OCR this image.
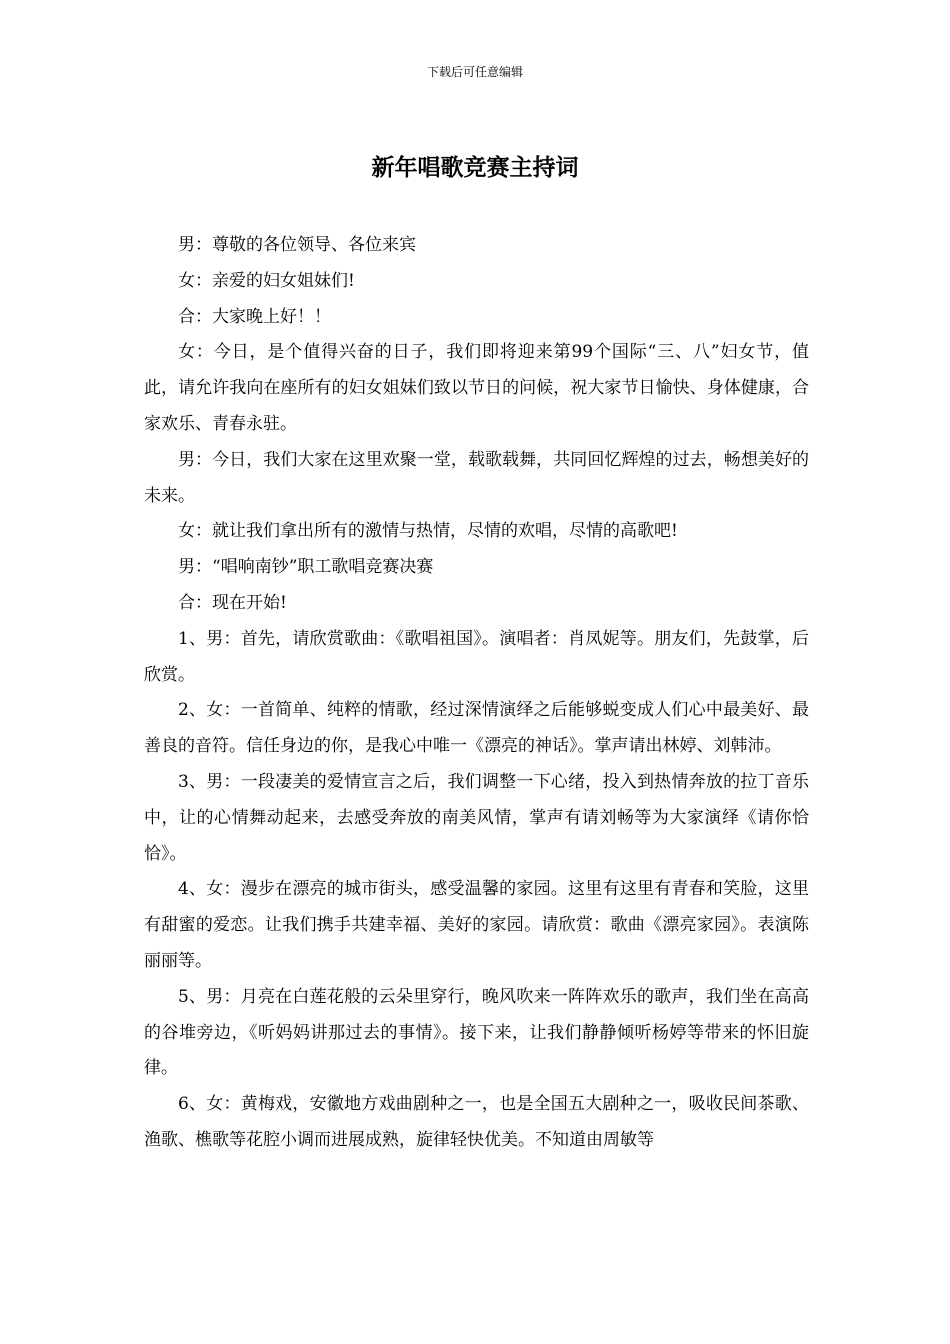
下载后可任意编辑
新年唱歌竞赛主持词

男：尊敬的各位领导、各位来宾

女：亲爱的妇女姐妹们!

合：大家晚上好！！

女：今日，是个值得兴奋的日子，我们即将迎来第99个国际“三、八”妇女节，值此，请允许我向在座所有的妇女姐妹们致以节日的问候，祝大家节日愉快、身体健康，合家欢乐、青春永驻。

男：今日，我们大家在这里欢聚一堂，载歌载舞，共同回忆辉煌的过去，畅想美好的未来。

女：就让我们拿出所有的激情与热情，尽情的欢唱，尽情的高歌吧!

男：“唱响南钞”职工歌唱竞赛决赛

合：现在开始!

1、男：首先，请欣赏歌曲：《歌唱祖国》。演唱者：肖凤妮等。朋友们，先鼓掌，后欣赏。

2、女：一首简单、纯粹的情歌，经过深情演绎之后能够蜕变成人们心中最美好、最善良的音符。信任身边的你，是我心中唯一《漂亮的神话》。掌声请出林婷、刘韩沛。

3、男：一段凄美的爱情宣言之后，我们调整一下心绪，投入到热情奔放的拉丁音乐中，让的心情舞动起来，去感受奔放的南美风情，掌声有请刘畅等为大家演绎《请你恰恰》。

4、女：漫步在漂亮的城市街头，感受温馨的家园。这里有这里有青春和笑脸，这里有甜蜜的爱恋。让我们携手共建幸福、美好的家园。请欣赏：歌曲《漂亮家园》。表演陈丽丽等。

5、男：月亮在白莲花般的云朵里穿行，晚风吹来一阵阵欢乐的歌声，我们坐在高高的谷堆旁边，《听妈妈讲那过去的事情》。接下来，让我们静静倾听杨婷等带来的怀旧旋律。

6、女：黄梅戏，安徽地方戏曲剧种之一，也是全国五大剧种之一，吸收民间茶歌、渔歌、樵歌等花腔小调而进展成熟，旋律轻快优美。不知道由周敏等
